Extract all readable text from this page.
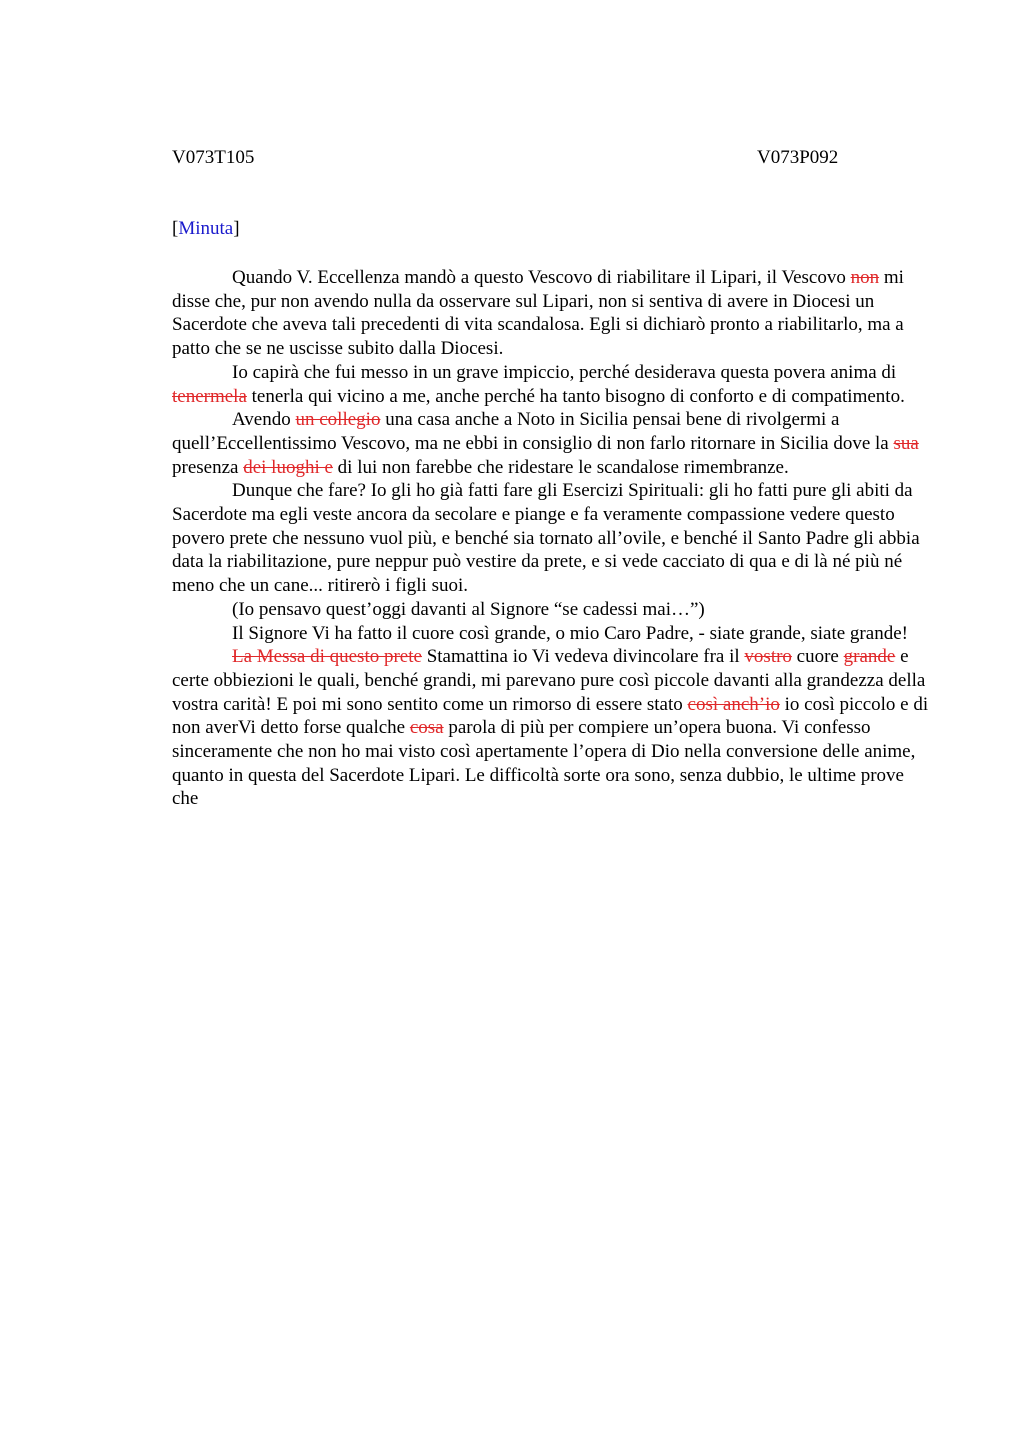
V073T105	V073P092
[Minuta]

Quando V. Eccellenza mandò a questo Vescovo di riabilitare il Lipari, il Vescovo non mi disse che, pur non avendo nulla da osservare sul Lipari, non si sentiva di avere in Diocesi un Sacerdote che aveva tali precedenti di vita scandalosa. Egli si dichiarò pronto a riabilitarlo, ma a patto che se ne uscisse subito dalla Diocesi.

Io capirà che fui messo in un grave impiccio, perché desiderava questa povera anima di tenermela tenerla qui vicino a me, anche perché ha tanto bisogno di conforto e di compatimento.

Avendo un collegio una casa anche a Noto in Sicilia pensai bene di rivolgermi a quell’Eccellentissimo Vescovo, ma ne ebbi in consiglio di non farlo ritornare in Sicilia dove la sua presenza dei luoghi e di lui non farebbe che ridestare le scandalose rimembranze.

Dunque che fare? Io gli ho già fatti fare gli Esercizi Spirituali: gli ho fatti pure gli abiti da Sacerdote ma egli veste ancora da secolare e piange e fa veramente compassione vedere questo povero prete che nessuno vuol più, e benché sia tornato all’ovile, e benché il Santo Padre gli abbia data la riabilitazione, pure neppur può vestire da prete, e si vede cacciato di qua e di là né più né meno che un cane... ritirerò i figli suoi.

(Io pensavo quest’oggi davanti al Signore “se cadessi mai…”)

Il Signore Vi ha fatto il cuore così grande, o mio Caro Padre, - siate grande, siate grande!

La Messa di questo prete Stamattina io Vi vedeva divincolare fra il vostro cuore grande e certe obbiezioni le quali, benché grandi, mi parevano pure così piccole davanti alla grandezza della vostra carità! E poi mi sono sentito come un rimorso di essere stato così anch’io io così piccolo e di non averVi detto forse qualche cosa parola di più per compiere un’opera buona. Vi confesso sinceramente che non ho mai visto così apertamente l’opera di Dio nella conversione delle anime, quanto in questa del Sacerdote Lipari. Le difficoltà sorte ora sono, senza dubbio, le ultime prove che
